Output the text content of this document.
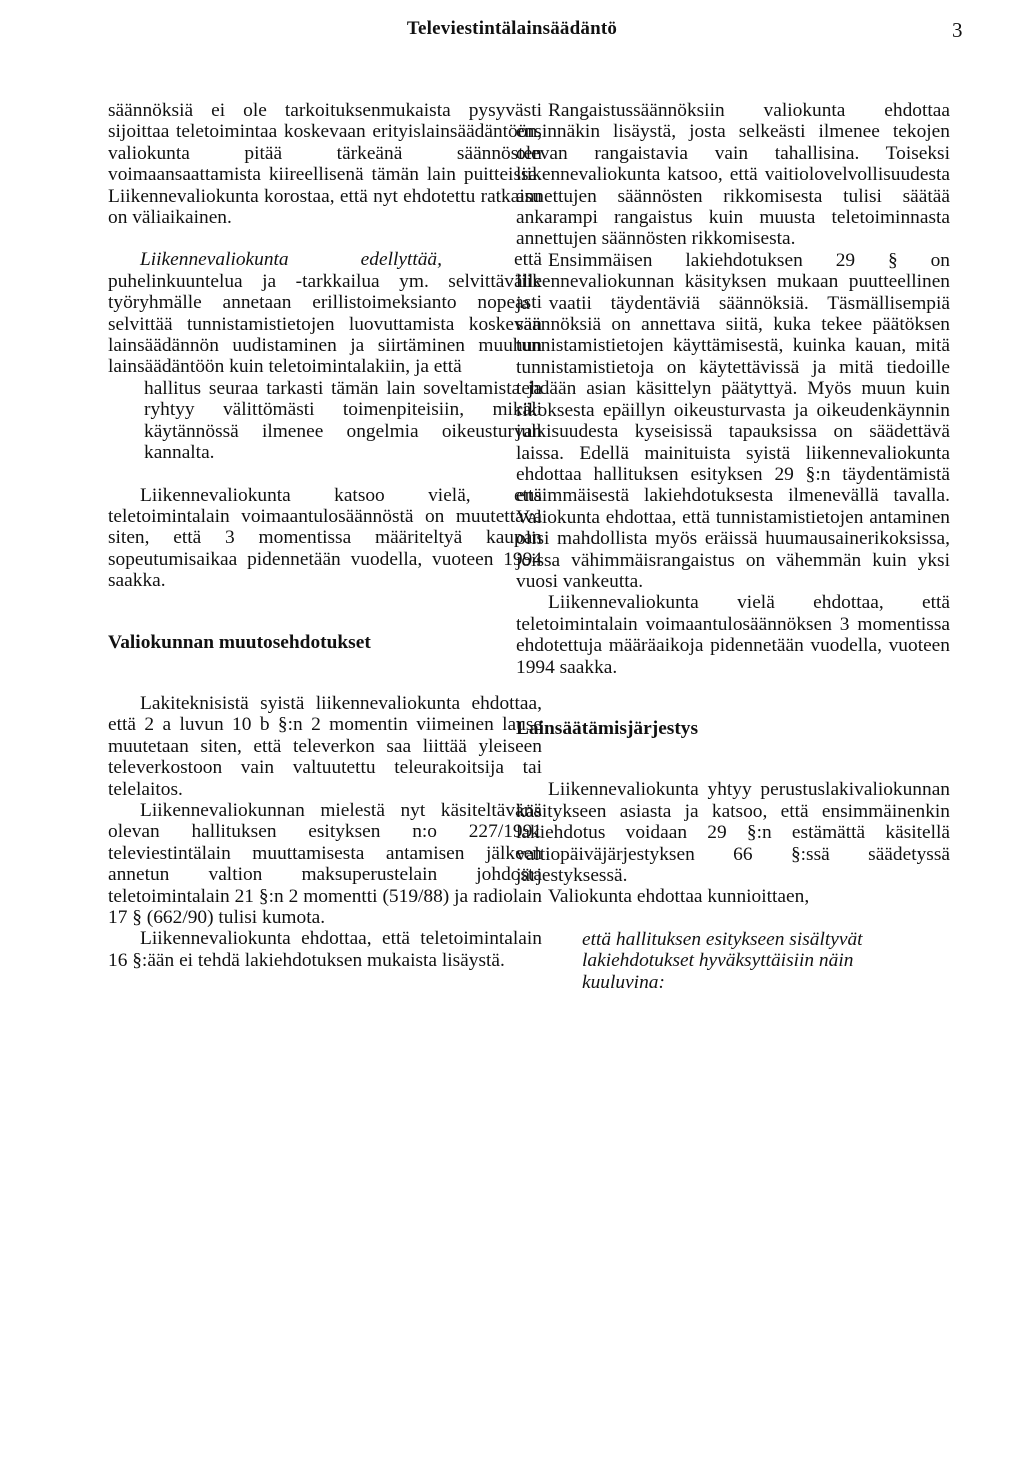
Televiestintälainsäädäntö	3

säännöksiä ei ole tarkoituksenmukaista pysyvästi sijoittaa teletoimintaa koskevaan erityislainsäädäntöön, valiokunta pitää tärkeänä säännösten voimaansaattamista kiireellisenä tämän lain puitteissa. Liikennevaliokunta korostaa, että nyt ehdotettu ratkaisu on väliaikainen.

Liikennevaliokunta edellyttää, että puhelinkuuntelua ja -tarkkailua ym. selvittävälle työryhmälle annetaan erillistoimeksianto nopeasti selvittää tunnistamistietojen luovuttamista koskevan lainsäädännön uudistaminen ja siirtäminen muuhun lainsäädäntöön kuin teletoimintalakiin, ja että

hallitus seuraa tarkasti tämän lain soveltamista ja ryhtyy välittömästi toimenpiteisiin, mikäli käytännössä ilmenee ongelmia oikeusturvan kannalta.

Liikennevaliokunta katsoo vielä, että teletoimintalain voimaantulosäännöstä on muutettava siten, että 3 momentissa määriteltyä kaupan sopeutumisaikaa pidennetään vuodella, vuoteen 1994 saakka.

Valiokunnan muutosehdotukset

Lakiteknisistä syistä liikennevaliokunta ehdottaa, että 2 a luvun 10 b §:n 2 momentin viimeinen lause muutetaan siten, että televerkon saa liittää yleiseen televerkostoon vain valtuutettu teleurakoitsija tai telelaitos.

Liikennevaliokunnan mielestä nyt käsiteltävänä olevan hallituksen esityksen n:o 227/1991 televiestintälain muuttamisesta antamisen jälkeen annetun valtion maksuperustelain johdosta teletoimintalain 21 §:n 2 momentti (519/88) ja radiolain 17 § (662/90) tulisi kumota.

Liikennevaliokunta ehdottaa, että teletoimintalain 16 §:ään ei tehdä lakiehdotuksen mukaista lisäystä.

Rangaistussäännöksiin valiokunta ehdottaa ensinnäkin lisäystä, josta selkeästi ilmenee tekojen olevan rangaistavia vain tahallisina. Toiseksi liikennevaliokunta katsoo, että vaitiolovelvollisuudesta annettujen säännösten rikkomisesta tulisi säätää ankarampi rangaistus kuin muusta teletoiminnasta annettujen säännösten rikkomisesta.

Ensimmäisen lakiehdotuksen 29 § on liikennevaliokunnan käsityksen mukaan puutteellinen ja vaatii täydentäviä säännöksiä. Täsmällisempiä säännöksiä on annettava siitä, kuka tekee päätöksen tunnistamistietojen käyttämisestä, kuinka kauan, mitä tunnistamistietoja on käytettävissä ja mitä tiedoille tehdään asian käsittelyn päätyttyä. Myös muun kuin rikoksesta epäillyn oikeusturvasta ja oikeudenkäynnin julkisuudesta kyseisissä tapauksissa on säädettävä laissa. Edellä mainituista syistä liikennevaliokunta ehdottaa hallituksen esityksen 29 §:n täydentämistä ensimmäisestä lakiehdotuksesta ilmenevällä tavalla. Valiokunta ehdottaa, että tunnistamistietojen antaminen olisi mahdollista myös eräissä huumausainerikoksissa, joissa vähimmäisrangaistus on vähemmän kuin yksi vuosi vankeutta.

Liikennevaliokunta vielä ehdottaa, että teletoimintalain voimaantulosäännöksen 3 momentissa ehdotettuja määräaikoja pidennetään vuodella, vuoteen 1994 saakka.

Lainsäätämisjärjestys

Liikennevaliokunta yhtyy perustuslakivaliokunnan käsitykseen asiasta ja katsoo, että ensimmäinenkin lakiehdotus voidaan 29 §:n estämättä käsitellä valtiopäiväjärjestyksen 66 §:ssä säädetyssä järjestyksessä.

Valiokunta ehdottaa kunnioittaen,

että hallituksen esitykseen sisältyvät lakiehdotukset hyväksyttäisiin näin kuuluvina:
